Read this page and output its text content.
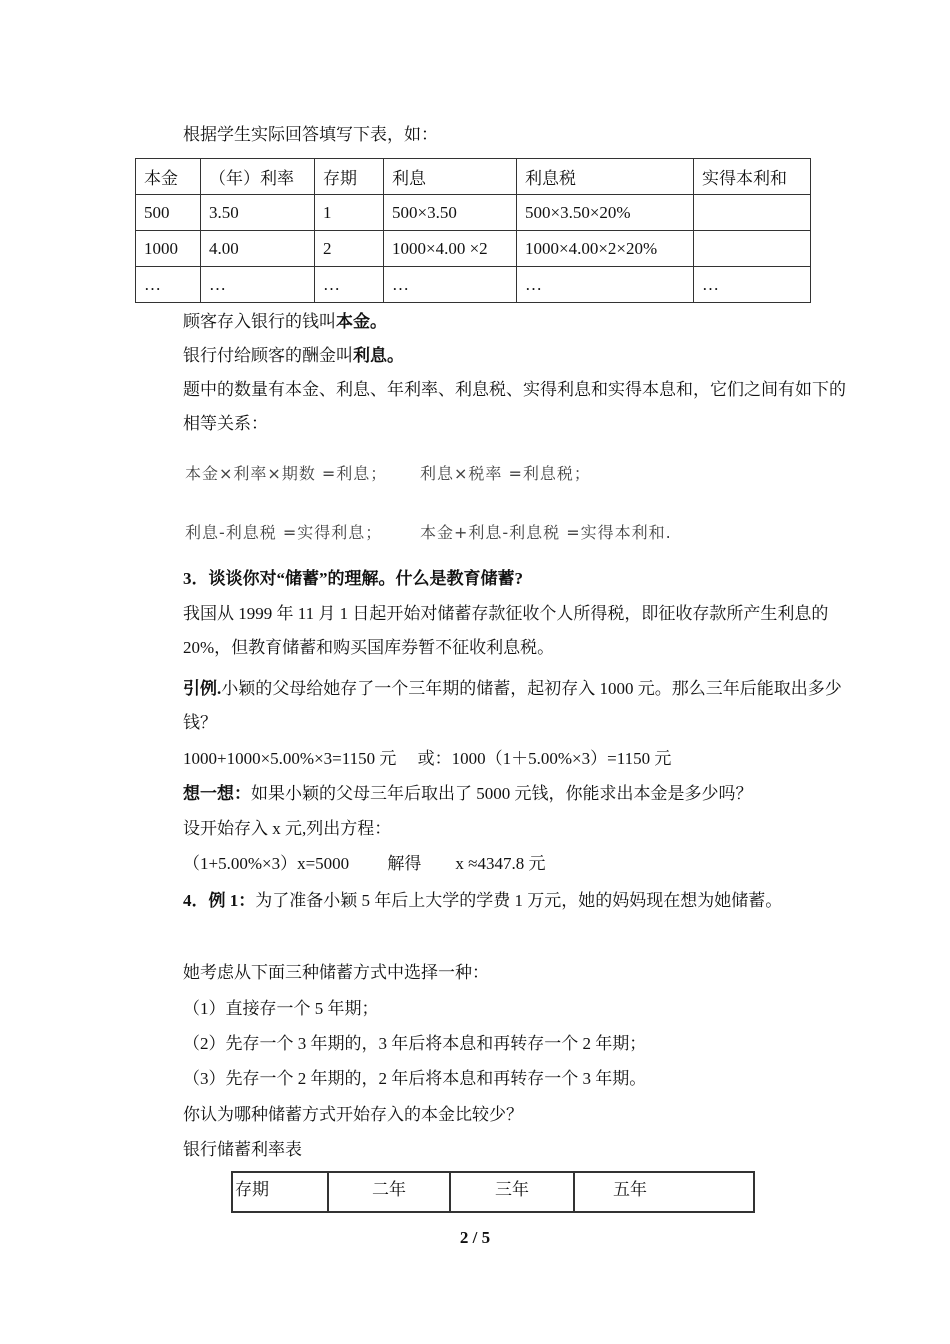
根据学生实际回答填写下表，如：

本金	（年）利率	存期	利息	利息税	实得本利和
500	3.50	1	500×3.50	500×3.50×20%	
1000	4.00	2	1000×4.00 ×2	1000×4.00×2×20%	
…	…	…	…	…	…

顾客存入银行的钱叫本金。

银行付给顾客的酬金叫利息。

题中的数量有本金、利息、年利率、利息税、实得利息和实得本息和，它们之间有如下的相等关系：

本金×利率×期数 =利息； 利息×税率 =利息税；
利息-利息税 =实得利息； 本金+利息-利息税 =实得本利和.

3．谈谈你对“储蓄”的理解。什么是教育储蓄?

我国从 1999 年 11 月 1 日起开始对储蓄存款征收个人所得税，即征收存款所产生利息的 20%，但教育储蓄和购买国库券暂不征收利息税。

引例.小颖的父母给她存了一个三年期的储蓄，起初存入 1000 元。那么三年后能取出多少钱？

1000+1000×5.00%×3=1150 元　 或：1000（1＋5.00%×3）=1150 元

想一想：如果小颖的父母三年后取出了 5000 元钱，你能求出本金是多少吗？

设开始存入 x 元,列出方程：

（1+5.00%×3）x=5000　　 解得　　x ≈4347.8 元

4．例 1：为了准备小颖 5 年后上大学的学费 1 万元，她的妈妈现在想为她储蓄。

她考虑从下面三种储蓄方式中选择一种：

（1）直接存一个 5 年期；

（2）先存一个 3 年期的，3 年后将本息和再转存一个 2 年期；

（3）先存一个 2 年期的，2 年后将本息和再转存一个 3 年期。

你认为哪种储蓄方式开始存入的本金比较少？

银行储蓄利率表

存期	二年	三年	五年
2 / 5
